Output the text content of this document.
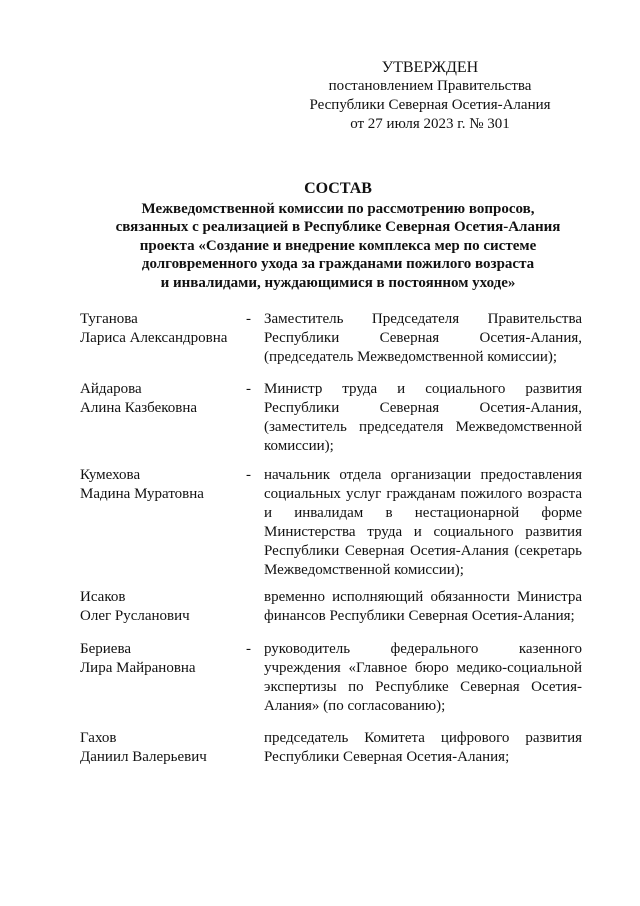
УТВЕРЖДЕН
постановлением Правительства
Республики Северная Осетия-Алания
от 27 июля 2023 г. № 301
СОСТАВ
Межведомственной комиссии по рассмотрению вопросов,
связанных с реализацией в Республике Северная Осетия-Алания
проекта «Создание и внедрение комплекса мер по системе
долговременного ухода за гражданами пожилого возраста
и инвалидами, нуждающимися в постоянном уходе»
Туганова
Лариса Александровна
- Заместитель Председателя Правительства Республики Северная Осетия-Алания, (председатель Межведомственной комиссии);
Айдарова
Алина Казбековна
- Министр труда и социального развития Республики Северная Осетия-Алания, (заместитель председателя Межведомственной комиссии);
Кумехова
Мадина Муратовна
- начальник отдела организации предоставления социальных услуг гражданам пожилого возраста и инвалидам в нестационарной форме Министерства труда и социального развития Республики Северная Осетия-Алания (секретарь Межведомственной комиссии);
Исаков
Олег Русланович
временно исполняющий обязанности Министра финансов Республики Северная Осетия-Алания;
Бериева
Лира Майрановна
- руководитель федерального казенного учреждения «Главное бюро медико-социальной экспертизы по Республике Северная Осетия-Алания» (по согласованию);
Гахов
Даниил Валерьевич
председатель Комитета цифрового развития Республики Северная Осетия-Алания;
